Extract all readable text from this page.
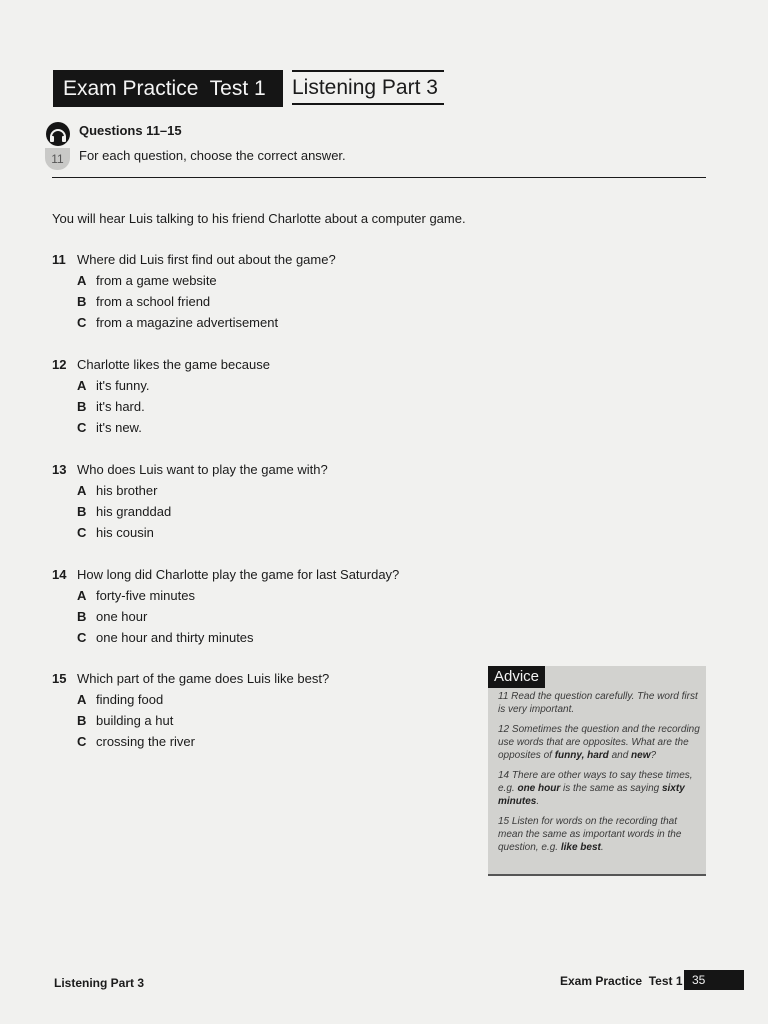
Exam Practice  Test 1 Listening Part 3
11
Questions 11–15
For each question, choose the correct answer.
You will hear Luis talking to his friend Charlotte about a computer game.
11 Where did Luis first find out about the game?
A from a game website
B from a school friend
C from a magazine advertisement
12 Charlotte likes the game because
A it's funny.
B it's hard.
C it's new.
13 Who does Luis want to play the game with?
A his brother
B his granddad
C his cousin
14 How long did Charlotte play the game for last Saturday?
A forty-five minutes
B one hour
C one hour and thirty minutes
15 Which part of the game does Luis like best?
A finding food
B building a hut
C crossing the river
Advice

11 Read the question carefully. The word first is very important.

12 Sometimes the question and the recording use words that are opposites. What are the opposites of funny, hard and new?

14 There are other ways to say these times, e.g. one hour is the same as saying sixty minutes.

15 Listen for words on the recording that mean the same as important words in the question, e.g. like best.

Listening Part 3	Exam Practice  Test 1 35
